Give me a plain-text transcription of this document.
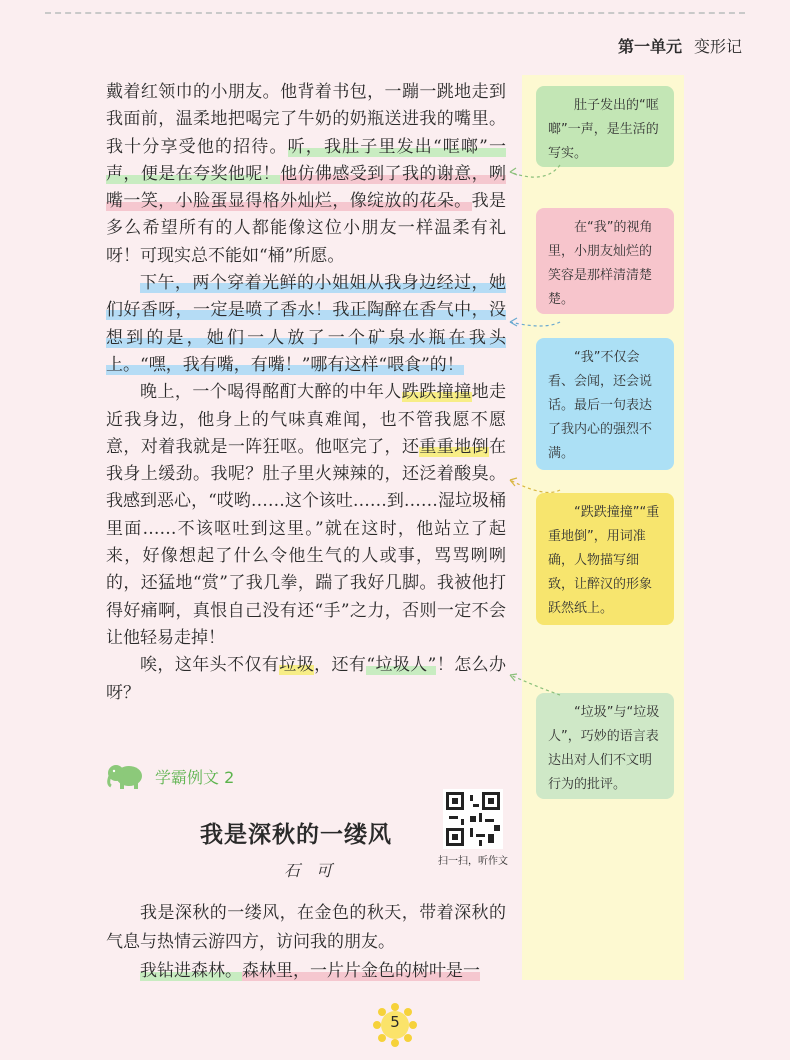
第一单元 变形记

戴着红领巾的小朋友。他背着书包，一蹦一跳地走到我面前，温柔地把喝完了牛奶的奶瓶送进我的嘴里。我十分享受他的招待。听，我肚子里发出“哐啷”一声，便是在夸奖他呢！他仿佛感受到了我的谢意，咧嘴一笑，小脸蛋显得格外灿烂，像绽放的花朵。我是多么希望所有的人都能像这位小朋友一样温柔有礼呀！可现实总不能如“桶”所愿。

下午，两个穿着光鲜的小姐姐从我身边经过，她们好香呀，一定是喷了香水！我正陶醉在香气中，没想到的是，她们一人放了一个矿泉水瓶在我头上。“嘿，我有嘴，有嘴！”哪有这样“喂食”的！

晚上，一个喝得酩酊大醉的中年人跌跌撞撞地走近我身边，他身上的气味真难闻，也不管我愿不愿意，对着我就是一阵狂呕。他呕完了，还重重地倒在我身上缓劲。我呢？肚子里火辣辣的，还泛着酸臭。我感到恶心，“哎哟……这个该吐……到……湿垃圾桶里面……不该呕吐到这里。”就在这时，他站立了起来，好像想起了什么令他生气的人或事，骂骂咧咧的，还猛地“赏”了我几拳，踹了我好几脚。我被他打得好痛啊，真恨自己没有还“手”之力，否则一定不会让他轻易走掉！

唉，这年头不仅有垃圾，还有“垃圾人”！怎么办呀？

肚子发出的“哐啷”一声，是生活的写实。
在“我”的视角里，小朋友灿烂的笑容是那样清清楚楚。
“我”不仅会看、会闻，还会说话。最后一句表达了我内心的强烈不满。
“跌跌撞撞”“重重地倒”，用词准确，人物描写细致，让醉汉的形象跃然纸上。
“垃圾”与“垃圾人”，巧妙的语言表达出对人们不文明行为的批评。
学霸例文 2
我是深秋的一缕风
石可	扫一扫，听作文

我是深秋的一缕风，在金色的秋天，带着深秋的气息与热情云游四方，访问我的朋友。

我钻进森林。森林里，一片片金色的树叶是一

5
